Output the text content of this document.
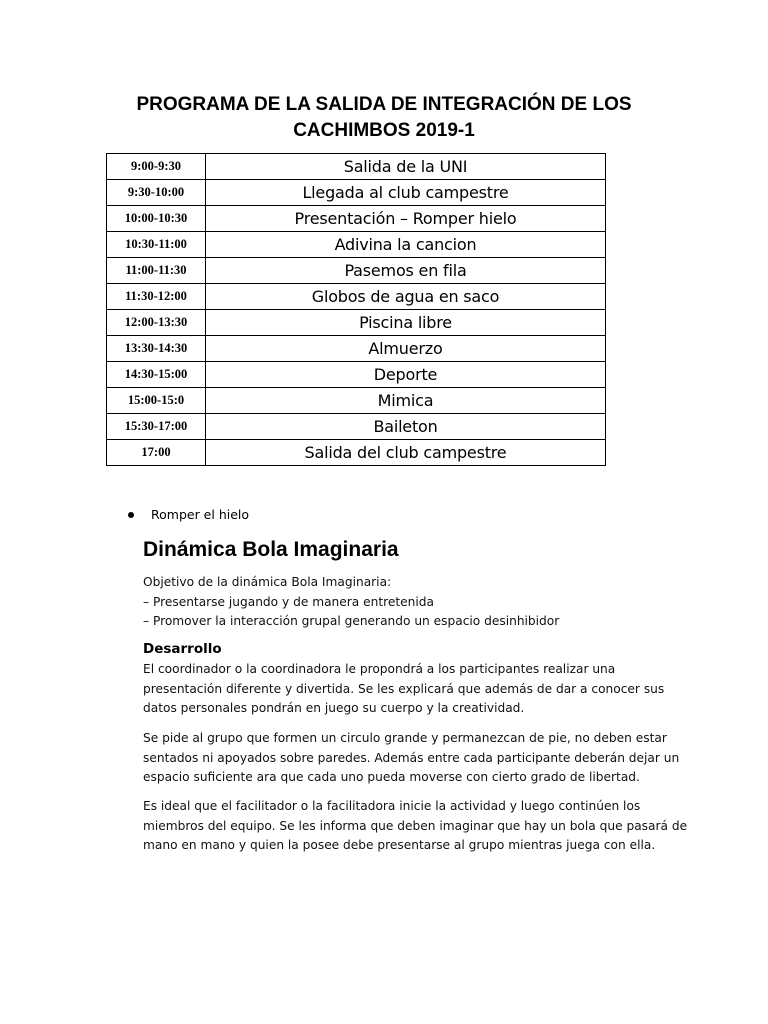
PROGRAMA DE LA SALIDA DE INTEGRACIÓN DE LOS
CACHIMBOS 2019-1
9:00-9:30	Salida de la UNI
9:30-10:00	Llegada al club campestre
10:00-10:30	Presentación – Romper hielo
10:30-11:00	Adivina la cancion
11:00-11:30	Pasemos en fila
11:30-12:00	Globos de agua en saco
12:00-13:30	Piscina libre
13:30-14:30	Almuerzo
14:30-15:00	Deporte
15:00-15:0	Mimica
15:30-17:00	Baileton
17:00	Salida del club campestre
Romper el hielo
Dinámica Bola Imaginaria
Objetivo de la dinámica Bola Imaginaria:
– Presentarse jugando y de manera entretenida
– Promover la interacción grupal generando un espacio desinhibidor
Desarrollo

El coordinador o la coordinadora le propondrá a los participantes realizar una presentación diferente y divertida. Se les explicará que además de dar a conocer sus datos personales pondrán en juego su cuerpo y la creatividad.

Se pide al grupo que formen un circulo grande y permanezcan de pie, no deben estar sentados ni apoyados sobre paredes. Además entre cada participante deberán dejar un espacio suficiente ara que cada uno pueda moverse con cierto grado de libertad.

Es ideal que el facilitador o la facilitadora inicie la actividad y luego continúen los miembros del equipo. Se les informa que deben imaginar que hay un bola que pasará de mano en mano y quien la posee debe presentarse al grupo mientras juega con ella.
